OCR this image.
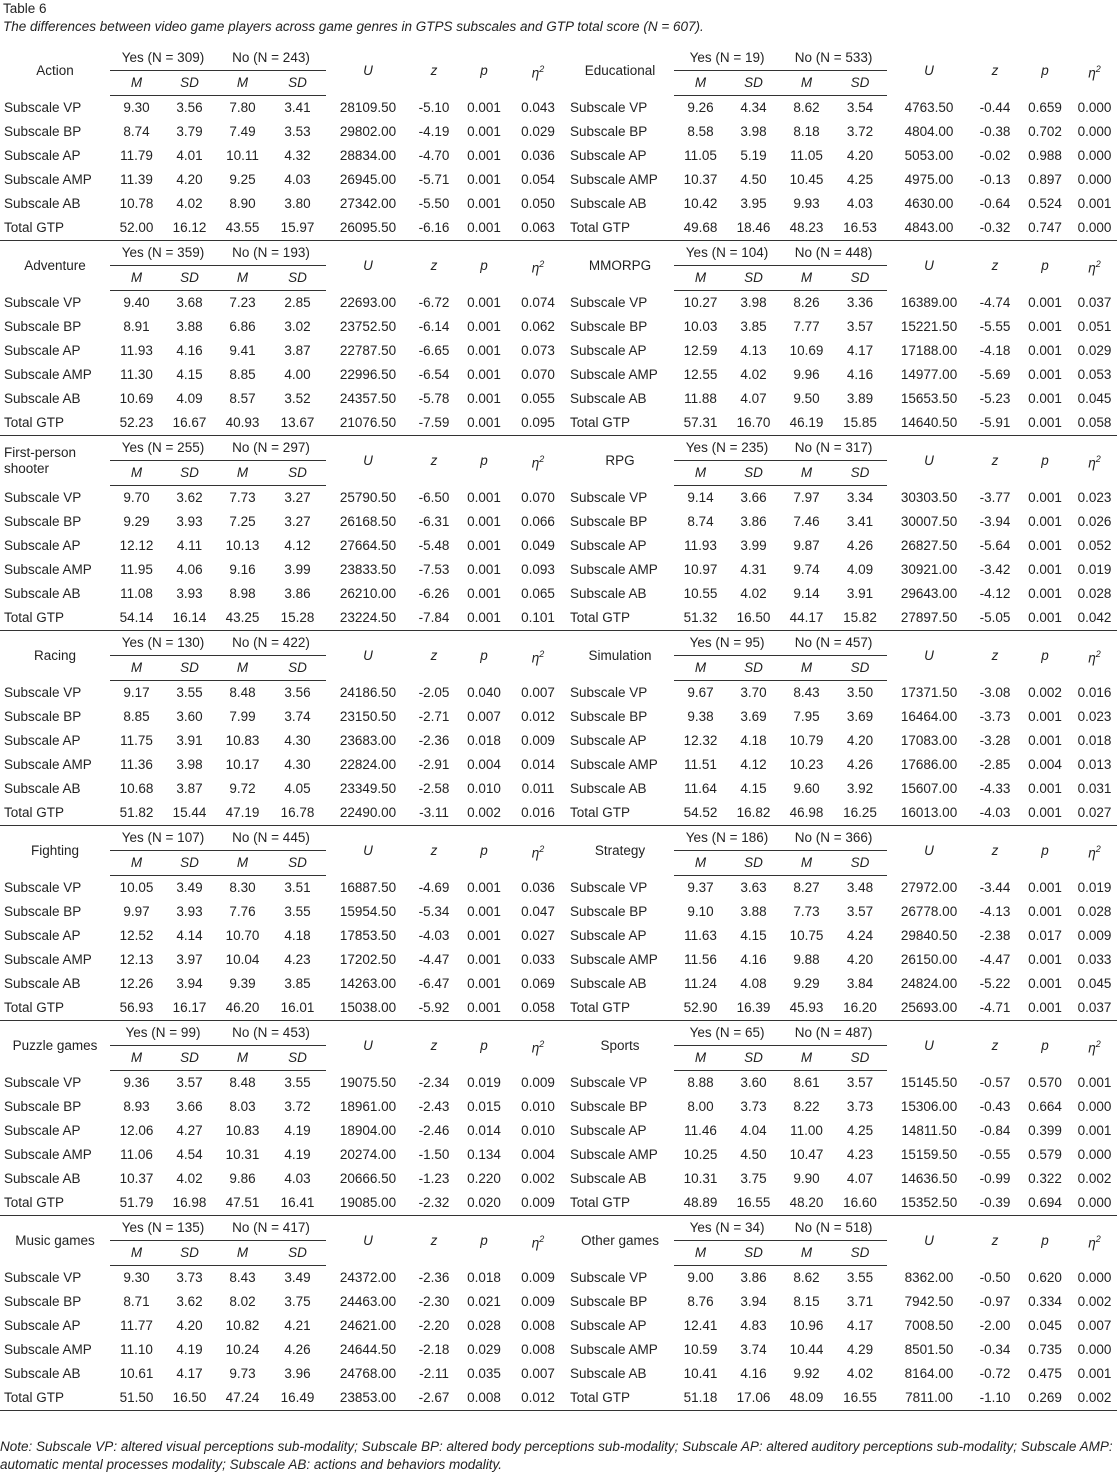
Table 6
The differences between video game players across game genres in GTPS subscales and GTP total score (N = 607).
Action	Yes (N = 309)		No (N = 243)		U	z	p	$\eta^2$	Educational	Yes (N = 19)		No (N = 533)		U	z	p	$\eta^2$
	M	SD	M	SD						M	SD	M	SD				
Subscale VP	9.30	3.56	7.80	3.41	28109.50	-5.10	0.001	0.043	Subscale VP	9.26	4.34	8.62	3.54	4763.50	-0.44	0.659	0.000
Subscale BP	8.74	3.79	7.49	3.53	29802.00	-4.19	0.001	0.029	Subscale BP	8.58	3.98	8.18	3.72	4804.00	-0.38	0.702	0.000
Subscale AP	11.79	4.01	10.11	4.32	28834.00	-4.70	0.001	0.036	Subscale AP	11.05	5.19	11.05	4.20	5053.00	-0.02	0.988	0.000
Subscale AMP	11.39	4.20	9.25	4.03	26945.00	-5.71	0.001	0.054	Subscale AMP	10.37	4.50	10.45	4.25	4975.00	-0.13	0.897	0.000
Subscale AB	10.78	4.02	8.90	3.80	27342.00	-5.50	0.001	0.050	Subscale AB	10.42	3.95	9.93	4.03	4630.00	-0.64	0.524	0.001
Total GTP	52.00	16.12	43.55	15.97	26095.50	-6.16	0.001	0.063	Total GTP	49.68	18.46	48.23	16.53	4843.00	-0.32	0.747	0.000
Adventure	Yes (N = 359)		No (N = 193)		U	z	p	$\eta^2$	MMORPG	Yes (N = 104)		No (N = 448)		U	z	p	$\eta^2$
	M	SD	M	SD						M	SD	M	SD				
Subscale VP	9.40	3.68	7.23	2.85	22693.00	-6.72	0.001	0.074	Subscale VP	10.27	3.98	8.26	3.36	16389.00	-4.74	0.001	0.037
Subscale BP	8.91	3.88	6.86	3.02	23752.50	-6.14	0.001	0.062	Subscale BP	10.03	3.85	7.77	3.57	15221.50	-5.55	0.001	0.051
Subscale AP	11.93	4.16	9.41	3.87	22787.50	-6.65	0.001	0.073	Subscale AP	12.59	4.13	10.69	4.17	17188.00	-4.18	0.001	0.029
Subscale AMP	11.30	4.15	8.85	4.00	22996.50	-6.54	0.001	0.070	Subscale AMP	12.55	4.02	9.96	4.16	14977.00	-5.69	0.001	0.053
Subscale AB	10.69	4.09	8.57	3.52	24357.50	-5.78	0.001	0.055	Subscale AB	11.88	4.07	9.50	3.89	15653.50	-5.23	0.001	0.045
Total GTP	52.23	16.67	40.93	13.67	21076.50	-7.59	0.001	0.095	Total GTP	57.31	16.70	46.19	15.85	14640.50	-5.91	0.001	0.058

First-person
shooter	Yes (N = 255)		No (N = 297)		U	z	p	$\eta^2$	RPG	Yes (N = 235)		No (N = 317)		U	z	p	$\eta^2$
	M	SD	M	SD						M	SD	M	SD				
Subscale VP	9.70	3.62	7.73	3.27	25790.50	-6.50	0.001	0.070	Subscale VP	9.14	3.66	7.97	3.34	30303.50	-3.77	0.001	0.023
Subscale BP	9.29	3.93	7.25	3.27	26168.50	-6.31	0.001	0.066	Subscale BP	8.74	3.86	7.46	3.41	30007.50	-3.94	0.001	0.026
Subscale AP	12.12	4.11	10.13	4.12	27664.50	-5.48	0.001	0.049	Subscale AP	11.93	3.99	9.87	4.26	26827.50	-5.64	0.001	0.052
Subscale AMP	11.95	4.06	9.16	3.99	23833.50	-7.53	0.001	0.093	Subscale AMP	10.97	4.31	9.74	4.09	30921.00	-3.42	0.001	0.019
Subscale AB	11.08	3.93	8.98	3.86	26210.00	-6.26	0.001	0.065	Subscale AB	10.55	4.02	9.14	3.91	29643.00	-4.12	0.001	0.028
Total GTP	54.14	16.14	43.25	15.28	23224.50	-7.84	0.001	0.101	Total GTP	51.32	16.50	44.17	15.82	27897.50	-5.05	0.001	0.042
Racing	Yes (N = 130)		No (N = 422)		U	z	p	$\eta^2$	Simulation	Yes (N = 95)		No (N = 457)		U	z	p	$\eta^2$
	M	SD	M	SD						M	SD	M	SD				
Subscale VP	9.17	3.55	8.48	3.56	24186.50	-2.05	0.040	0.007	Subscale VP	9.67	3.70	8.43	3.50	17371.50	-3.08	0.002	0.016
Subscale BP	8.85	3.60	7.99	3.74	23150.50	-2.71	0.007	0.012	Subscale BP	9.38	3.69	7.95	3.69	16464.00	-3.73	0.001	0.023
Subscale AP	11.75	3.91	10.83	4.30	23683.00	-2.36	0.018	0.009	Subscale AP	12.32	4.18	10.79	4.20	17083.00	-3.28	0.001	0.018
Subscale AMP	11.36	3.98	10.17	4.30	22824.00	-2.91	0.004	0.014	Subscale AMP	11.51	4.12	10.23	4.26	17686.00	-2.85	0.004	0.013
Subscale AB	10.68	3.87	9.72	4.05	23349.50	-2.58	0.010	0.011	Subscale AB	11.64	4.15	9.60	3.92	15607.00	-4.33	0.001	0.031
Total GTP	51.82	15.44	47.19	16.78	22490.00	-3.11	0.002	0.016	Total GTP	54.52	16.82	46.98	16.25	16013.00	-4.03	0.001	0.027
Fighting	Yes (N = 107)		No (N = 445)		U	z	p	$\eta^2$	Strategy	Yes (N = 186)		No (N = 366)		U	z	p	$\eta^2$
	M	SD	M	SD						M	SD	M	SD				
Subscale VP	10.05	3.49	8.30	3.51	16887.50	-4.69	0.001	0.036	Subscale VP	9.37	3.63	8.27	3.48	27972.00	-3.44	0.001	0.019
Subscale BP	9.97	3.93	7.76	3.55	15954.50	-5.34	0.001	0.047	Subscale BP	9.10	3.88	7.73	3.57	26778.00	-4.13	0.001	0.028
Subscale AP	12.52	4.14	10.70	4.18	17853.50	-4.03	0.001	0.027	Subscale AP	11.63	4.15	10.75	4.24	29840.50	-2.38	0.017	0.009
Subscale AMP	12.13	3.97	10.04	4.23	17202.50	-4.47	0.001	0.033	Subscale AMP	11.56	4.16	9.88	4.20	26150.00	-4.47	0.001	0.033
Subscale AB	12.26	3.94	9.39	3.85	14263.00	-6.47	0.001	0.069	Subscale AB	11.24	4.08	9.29	3.84	24824.00	-5.22	0.001	0.045
Total GTP	56.93	16.17	46.20	16.01	15038.00	-5.92	0.001	0.058	Total GTP	52.90	16.39	45.93	16.20	25693.00	-4.71	0.001	0.037
Puzzle games	Yes (N = 99)		No (N = 453)		U	z	p	$\eta^2$	Sports	Yes (N = 65)		No (N = 487)		U	z	p	$\eta^2$
	M	SD	M	SD						M	SD	M	SD				
Subscale VP	9.36	3.57	8.48	3.55	19075.50	-2.34	0.019	0.009	Subscale VP	8.88	3.60	8.61	3.57	15145.50	-0.57	0.570	0.001
Subscale BP	8.93	3.66	8.03	3.72	18961.00	-2.43	0.015	0.010	Subscale BP	8.00	3.73	8.22	3.73	15306.00	-0.43	0.664	0.000
Subscale AP	12.06	4.27	10.83	4.19	18904.00	-2.46	0.014	0.010	Subscale AP	11.46	4.04	11.00	4.25	14811.50	-0.84	0.399	0.001
Subscale AMP	11.06	4.54	10.31	4.19	20274.00	-1.50	0.134	0.004	Subscale AMP	10.25	4.50	10.47	4.23	15159.50	-0.55	0.579	0.000
Subscale AB	10.37	4.02	9.86	4.03	20666.50	-1.23	0.220	0.002	Subscale AB	10.31	3.75	9.90	4.07	14636.50	-0.99	0.322	0.002
Total GTP	51.79	16.98	47.51	16.41	19085.00	-2.32	0.020	0.009	Total GTP	48.89	16.55	48.20	16.60	15352.50	-0.39	0.694	0.000
Music games	Yes (N = 135)		No (N = 417)		U	z	p	$\eta^2$	Other games	Yes (N = 34)		No (N = 518)		U	z	p	$\eta^2$
	M	SD	M	SD						M	SD	M	SD				
Subscale VP	9.30	3.73	8.43	3.49	24372.00	-2.36	0.018	0.009	Subscale VP	9.00	3.86	8.62	3.55	8362.00	-0.50	0.620	0.000
Subscale BP	8.71	3.62	8.02	3.75	24463.00	-2.30	0.021	0.009	Subscale BP	8.76	3.94	8.15	3.71	7942.50	-0.97	0.334	0.002
Subscale AP	11.77	4.20	10.82	4.21	24621.00	-2.20	0.028	0.008	Subscale AP	12.41	4.83	10.96	4.17	7008.50	-2.00	0.045	0.007
Subscale AMP	11.10	4.19	10.24	4.26	24644.50	-2.18	0.029	0.008	Subscale AMP	10.59	3.74	10.44	4.29	8501.50	-0.34	0.735	0.000
Subscale AB	10.61	4.17	9.73	3.96	24768.00	-2.11	0.035	0.007	Subscale AB	10.41	4.16	9.92	4.02	8164.00	-0.72	0.475	0.001
Total GTP	51.50	16.50	47.24	16.49	23853.00	-2.67	0.008	0.012	Total GTP	51.18	17.06	48.09	16.55	7811.00	-1.10	0.269	0.002
Note: Subscale VP: altered visual perceptions sub-modality; Subscale BP: altered body perceptions sub-modality; Subscale AP: altered auditory perceptions sub-modality; Subscale AMP: automatic mental processes modality; Subscale AB: actions and behaviors modality.
